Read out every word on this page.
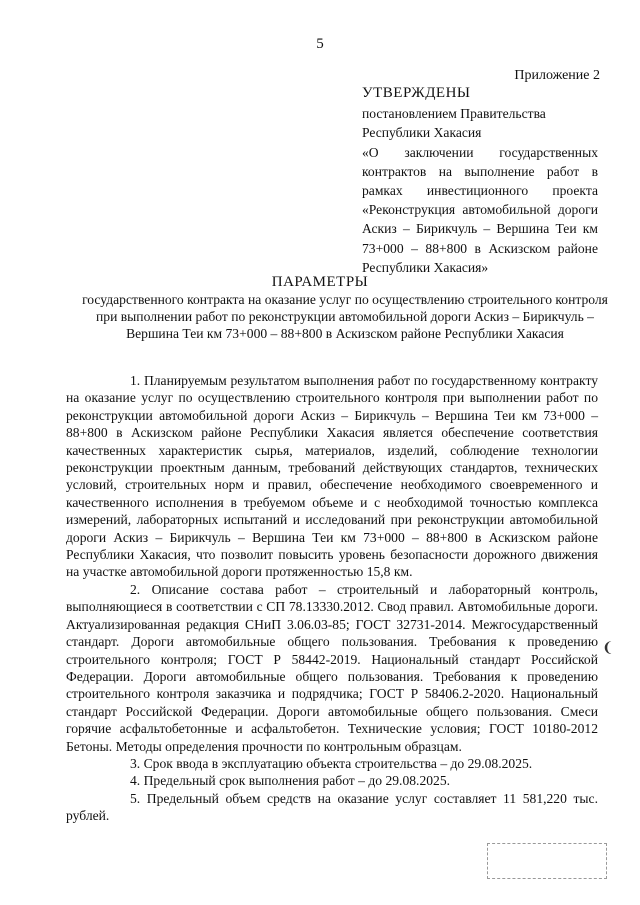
5
Приложение 2
УТВЕРЖДЕНЫ
постановлением Правительства
Республики Хакасия
«О заключении государственных контрактов на выполнение работ в рамках инвестиционного проекта «Реконструкция автомобильной дороги Аскиз – Бирикчуль – Вершина Теи км 73+000 – 88+800 в Аскизском районе Республики Хакасия»
ПАРАМЕТРЫ
государственного контракта на оказание услуг по осуществлению строительного контроля при выполнении работ по реконструкции автомобильной дороги Аскиз – Бирикчуль – Вершина Теи км 73+000 – 88+800 в Аскизском районе Республики Хакасия

1. Планируемым результатом выполнения работ по государственному контракту на оказание услуг по осуществлению строительного контроля при выполнении работ по реконструкции автомобильной дороги Аскиз – Бирикчуль – Вершина Теи км 73+000 – 88+800 в Аскизском районе Республики Хакасия является обеспечение соответствия качественных характеристик сырья, материалов, изделий, соблюдение технологии реконструкции проектным данным, требований действующих стандартов, технических условий, строительных норм и правил, обеспечение необходимого своевременного и качественного исполнения в требуемом объеме и с необходимой точностью комплекса измерений, лабораторных испытаний и исследований при реконструкции автомобильной дороги Аскиз – Бирикчуль – Вершина Теи км 73+000 – 88+800 в Аскизском районе Республики Хакасия, что позволит повысить уровень безопасности дорожного движения на участке автомобильной дороги протяженностью 15,8 км.

2. Описание состава работ – строительный и лабораторный контроль, выполняющиеся в соответствии с СП 78.13330.2012. Свод правил. Автомобильные дороги. Актуализированная редакция СНиП 3.06.03-85; ГОСТ 32731-2014. Межгосударственный стандарт. Дороги автомобильные общего пользования. Требования к проведению строительного контроля; ГОСТ Р 58442-2019. Национальный стандарт Российской Федерации. Дороги автомобильные общего пользования. Требования к проведению строительного контроля заказчика и подрядчика; ГОСТ Р 58406.2-2020. Национальный стандарт Российской Федерации. Дороги автомобильные общего пользования. Смеси горячие асфальтобетонные и асфальтобетон. Технические условия; ГОСТ 10180-2012 Бетоны. Методы определения прочности по контрольным образцам.

3. Срок ввода в эксплуатацию объекта строительства – до 29.08.2025.

4. Предельный срок выполнения работ – до 29.08.2025.

5. Предельный объем средств на оказание услуг составляет 11 581,220 тыс. рублей.

❨
